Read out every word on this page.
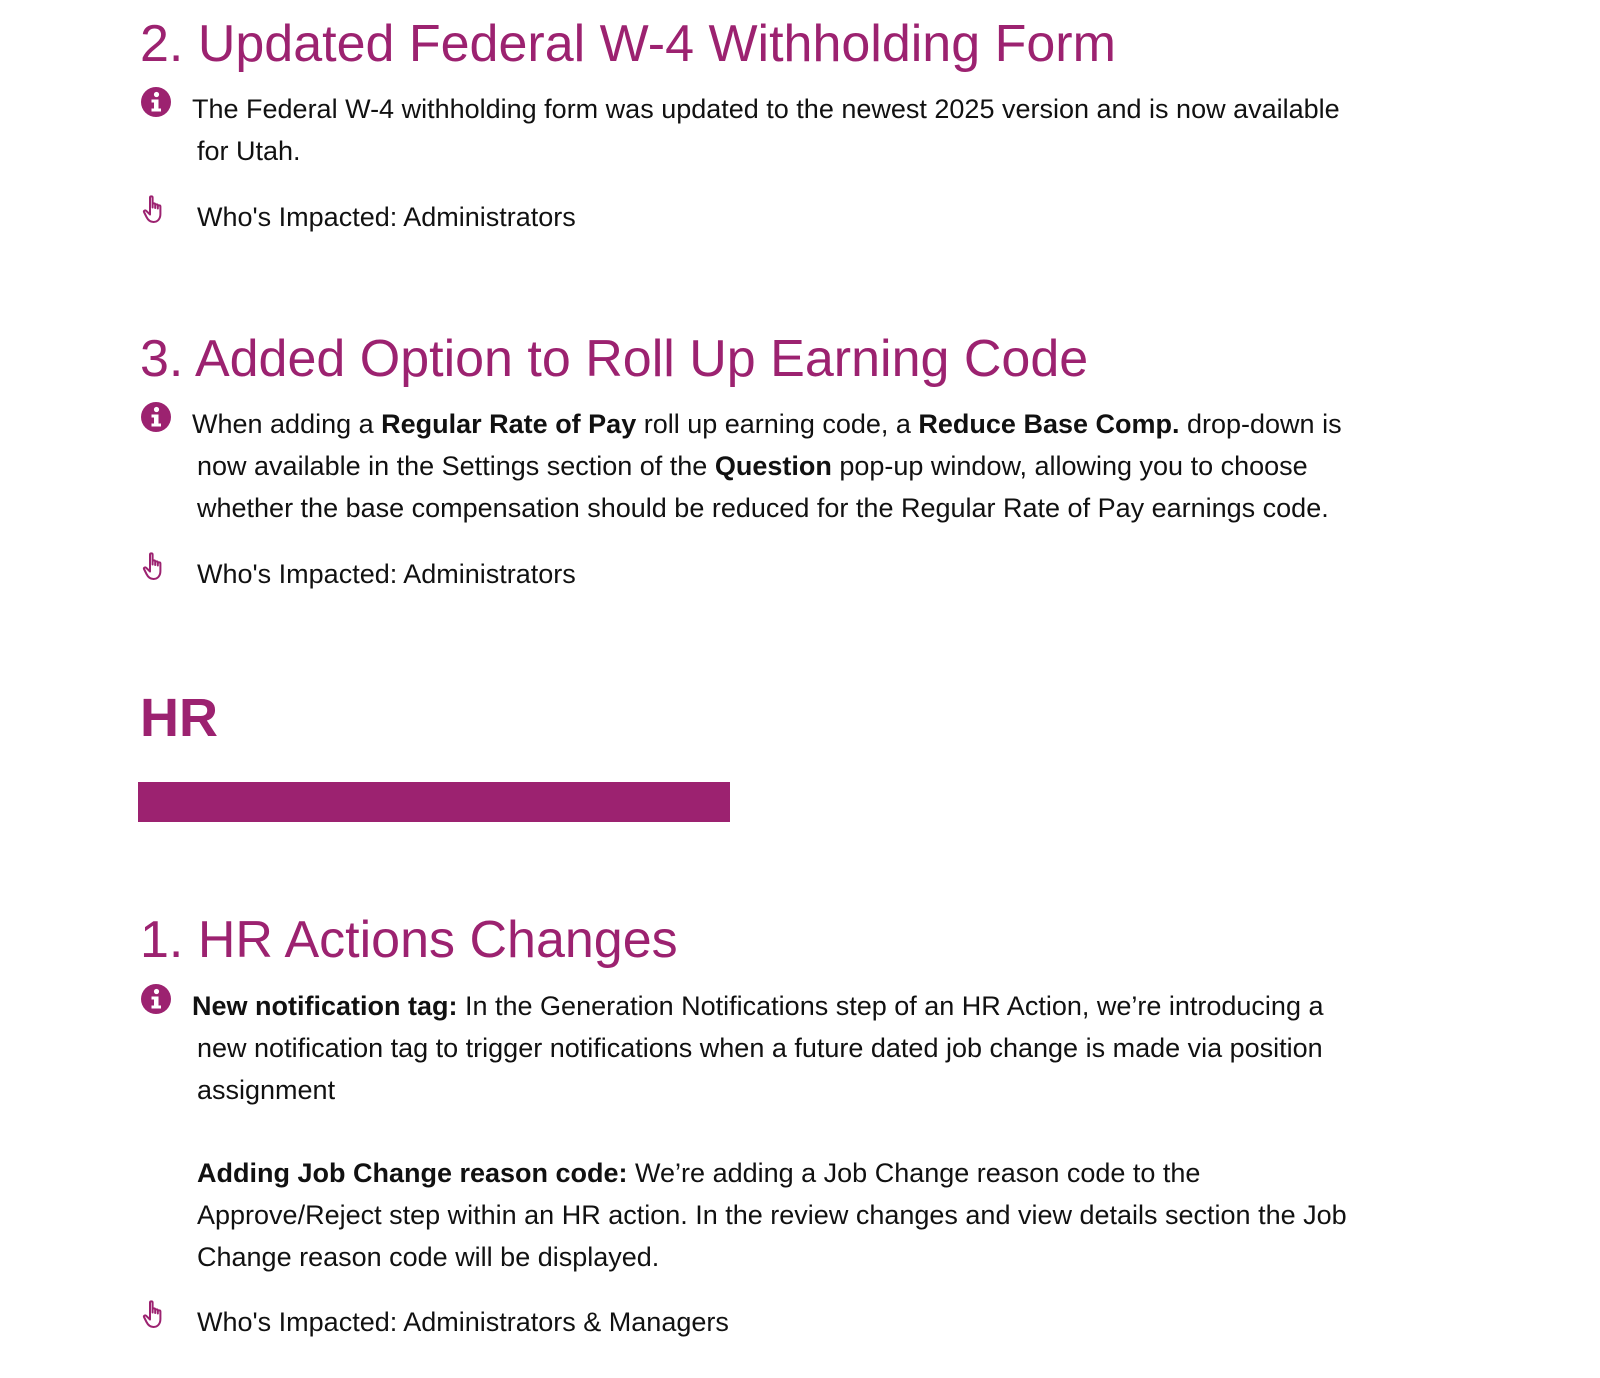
2. Updated Federal W-4 Withholding Form

The Federal W-4 withholding form was updated to the newest 2025 version and is now available
for Utah.

Who's Impacted: Administrators

3. Added Option to Roll Up Earning Code

When adding a Regular Rate of Pay roll up earning code, a Reduce Base Comp. drop-down is
now available in the Settings section of the Question pop-up window, allowing you to choose
whether the base compensation should be reduced for the Regular Rate of Pay earnings code.

Who's Impacted: Administrators

HR
1. HR Actions Changes

New notification tag: In the Generation Notifications step of an HR Action, we’re introducing a
new notification tag to trigger notifications when a future dated job change is made via position
assignment

Adding Job Change reason code: We’re adding a Job Change reason code to the
Approve/Reject step within an HR action. In the review changes and view details section the Job
Change reason code will be displayed.

Who's Impacted: Administrators & Managers
